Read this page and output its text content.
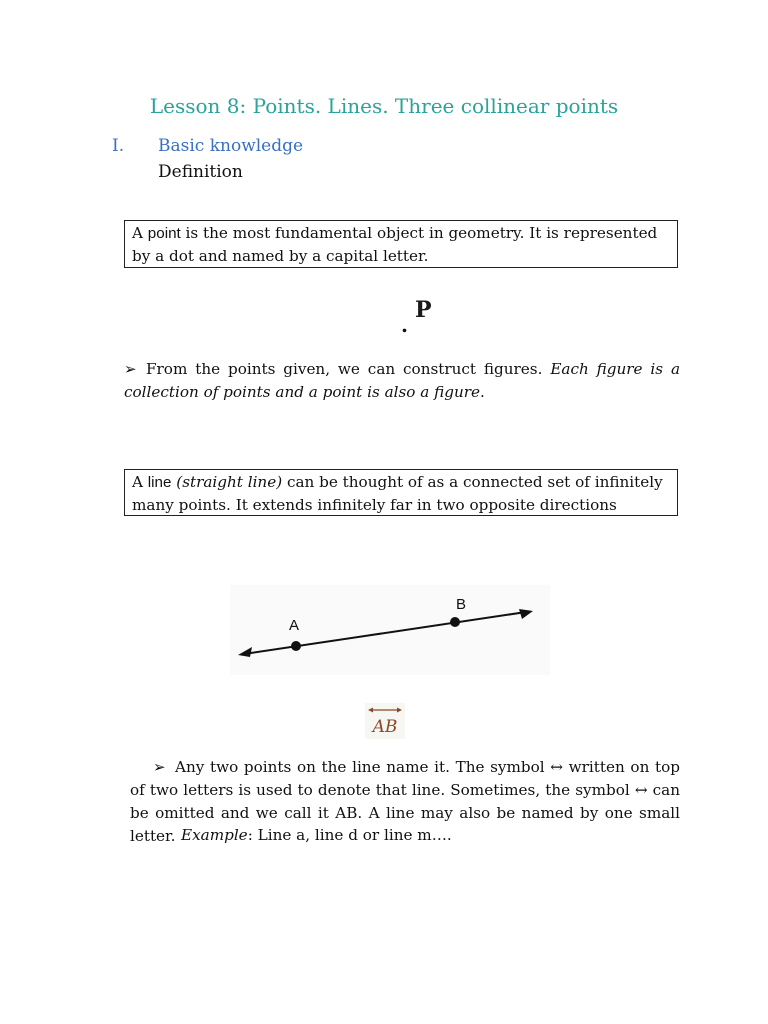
Lesson 8: Points. Lines. Three collinear points
I. Basic knowledge
Definition
A point is the most fundamental object in geometry. It is represented by a dot and named by a capital letter.
.
P
➢ From the points given, we can construct figures. Each figure is a collection of points and a point is also a figure.
A line (straight line) can be thought of as a connected set of infinitely many points. It extends infinitely far in two opposite directions
A
B
AB
➢ Any two points on the line name it. The symbol ↔ written on top of two letters is used to denote that line. Sometimes, the symbol ↔ can be omitted and we call it AB. A line may also be named by one small letter. Example: Line a, line d or line m….
